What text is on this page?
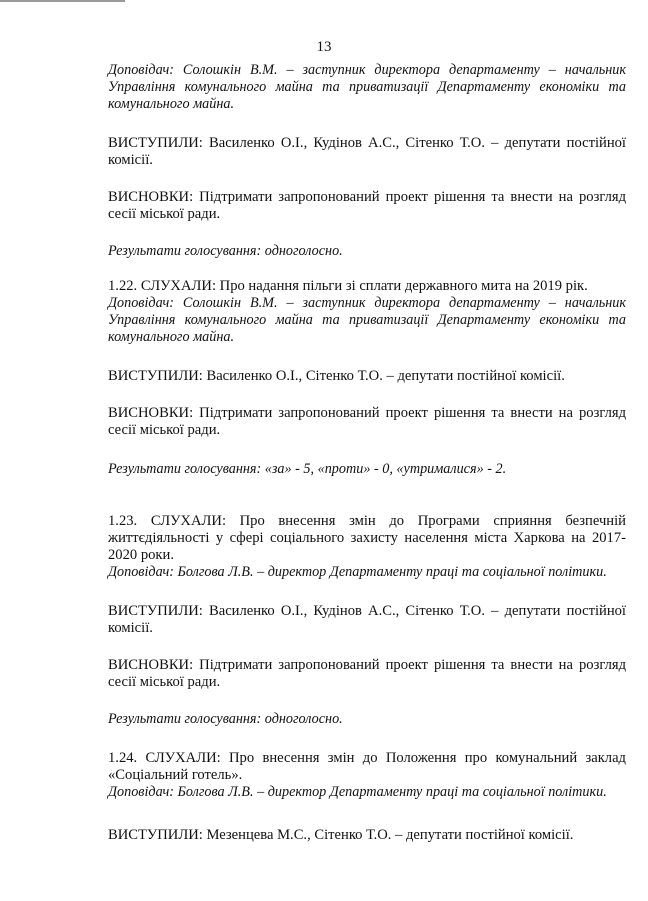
13

Доповідач: Солошкін В.М. – заступник директора департаменту – начальник Управління комунального майна та приватизації Департаменту економіки та комунального майна.

ВИСТУПИЛИ: Василенко О.І., Кудінов А.С., Сітенко Т.О. – депутати постійної комісії.

ВИСНОВКИ: Підтримати запропонований проект рішення та внести на розгляд сесії міської ради.

Результати голосування: одноголосно.

1.22. СЛУХАЛИ: Про надання пільги зі сплати державного мита на 2019 рік.

Доповідач: Солошкін В.М. – заступник директора департаменту – начальник Управління комунального майна та приватизації Департаменту економіки та комунального майна.

ВИСТУПИЛИ: Василенко О.І., Сітенко Т.О. – депутати постійної комісії.

ВИСНОВКИ: Підтримати запропонований проект рішення та внести на розгляд сесії міської ради.

Результати голосування: «за» - 5, «проти» - 0, «утрималися» - 2.

1.23. СЛУХАЛИ: Про внесення змін до Програми сприяння безпечній життєдіяльності у сфері соціального захисту населення міста Харкова на 2017-2020 роки.

Доповідач: Болгова Л.В. – директор Департаменту праці та соціальної політики.

ВИСТУПИЛИ: Василенко О.І., Кудінов А.С., Сітенко Т.О. – депутати постійної комісії.

ВИСНОВКИ: Підтримати запропонований проект рішення та внести на розгляд сесії міської ради.

Результати голосування: одноголосно.

1.24. СЛУХАЛИ: Про внесення змін до Положення про комунальний заклад «Соціальний готель».

Доповідач: Болгова Л.В. – директор Департаменту праці та соціальної політики.

ВИСТУПИЛИ: Мезенцева М.С., Сітенко Т.О. – депутати постійної комісії.
